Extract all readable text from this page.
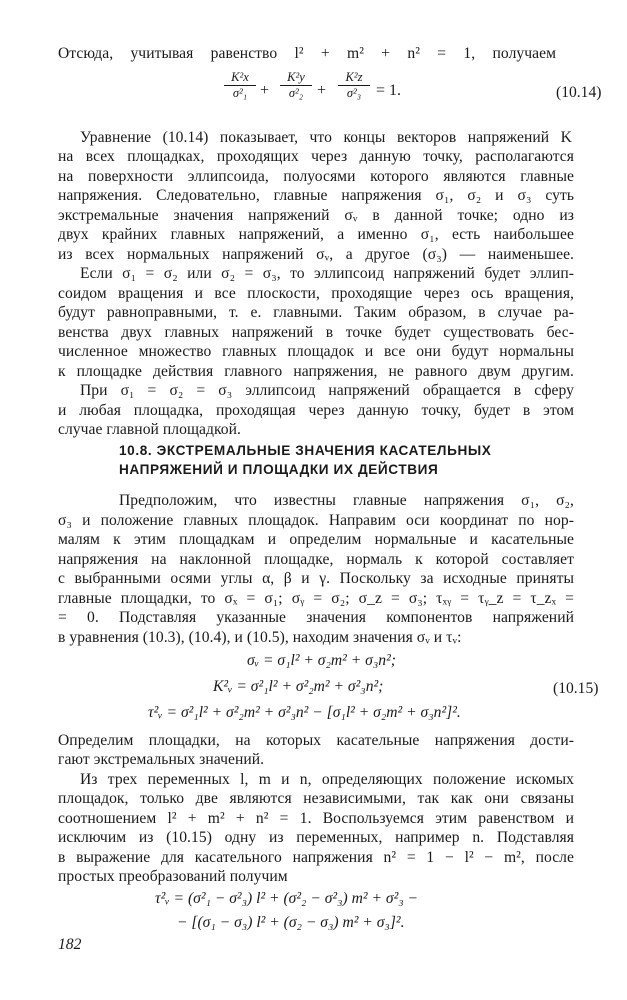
Отсюда, учитывая равенство l² + m² + n² = 1, получаем
K²x
σ²₁ +
K²y
σ²₂ +
K²z
σ²₃ = 1.	(10.14)
Уравнение (10.14) показывает, что концы векторов напряжений K
на всех площадках, проходящих через данную точку, располагаются
на поверхности эллипсоида, полуосями которого являются главные
напряжения. Следовательно, главные напряжения σ₁, σ₂ и σ₃ суть
экстремальные значения напряжений σᵥ в данной точке; одно из
двух крайних главных напряжений, а именно σ₁, есть наибольшее
из всех нормальных напряжений σᵥ, а другое (σ₃) — наименьшее.
Если σ₁ = σ₂ или σ₂ = σ₃, то эллипсоид напряжений будет эллип-
соидом вращения и все плоскости, проходящие через ось вращения,
будут равноправными, т. е. главными. Таким образом, в случае ра-
венства двух главных напряжений в точке будет существовать бес-
численное множество главных площадок и все они будут нормальны
к площадке действия главного напряжения, не равного двум другим.
При σ₁ = σ₂ = σ₃ эллипсоид напряжений обращается в сферу
и любая площадка, проходящая через данную точку, будет в этом
случае главной площадкой.
10.8. ЭКСТРЕМАЛЬНЫЕ ЗНАЧЕНИЯ КАСАТЕЛЬНЫХ
НАПРЯЖЕНИЙ И ПЛОЩАДКИ ИХ ДЕЙСТВИЯ
Предположим, что известны главные напряжения σ₁, σ₂,
σ₃ и положение главных площадок. Направим оси координат по нор-
малям к этим площадкам и определим нормальные и касательные
напряжения на наклонной площадке, нормаль к которой составляет
с выбранными осями углы α, β и γ. Поскольку за исходные приняты
главные площадки, то σₓ = σ₁; σᵧ = σ₂; σ_z = σ₃; τₓᵧ = τᵧ_z = τ_zₓ =
= 0. Подставляя указанные значения компонентов напряжений
в уравнения (10.3), (10.4), и (10.5), находим значения σᵥ и τᵥ:
σᵥ = σ₁l² + σ₂m² + σ₃n²;
K²ᵥ = σ²₁l² + σ²₂m² + σ²₃n²;
τ²ᵥ = σ²₁l² + σ²₂m² + σ²₃n² − [σ₁l² + σ₂m² + σ₃n²]².
(10.15)
Определим площадки, на которых касательные напряжения дости-
гают экстремальных значений.
Из трех переменных l, m и n, определяющих положение искомых
площадок, только две являются независимыми, так как они связаны
соотношением l² + m² + n² = 1. Воспользуемся этим равенством и
исключим из (10.15) одну из переменных, например n. Подставляя
в выражение для касательного напряжения n² = 1 − l² − m², после
простых преобразований получим
τ²ᵥ = (σ²₁ − σ²₃) l² + (σ²₂ − σ²₃) m² + σ²₃ −
− [(σ₁ − σ₃) l² + (σ₂ − σ₃) m² + σ₃]².
182
